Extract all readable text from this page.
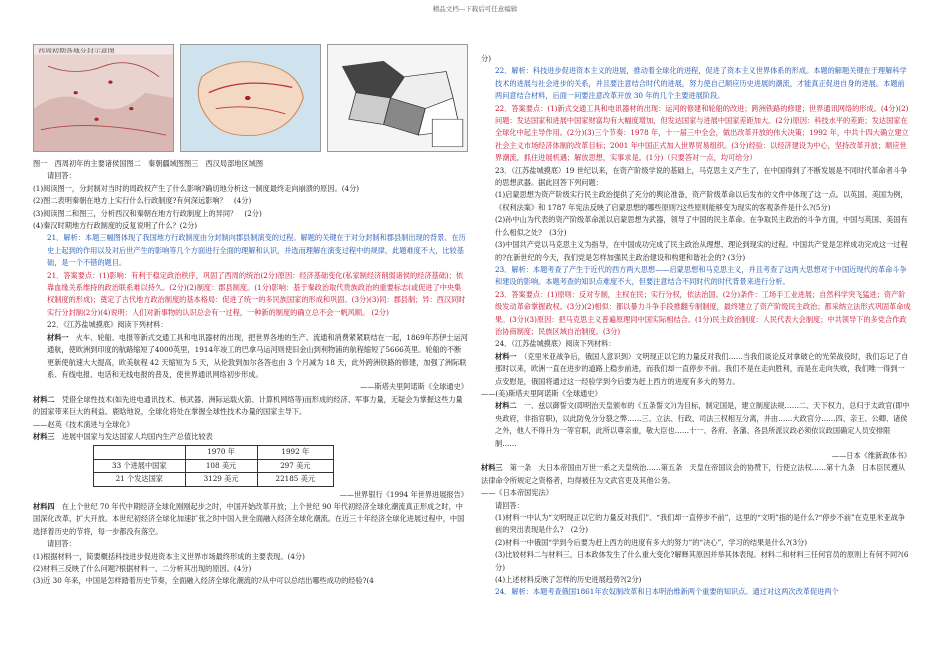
精品文档---下载后可任意编辑
西周初期各地分封示意图

图一　西周初年的主要诸侯国图二　秦朝疆域图图三　西汉局部地区域图

请回答：

(1)阅读图一，分封制对当时的周政权产生了什么影响?确切地分析这一制度最终走向崩溃的原因。(4分)

(2)图二表明秦朝在地方上实行什么行政制度?有何深远影响？　(4分)

(3)阅读图二和图三，分析西汉和秦朝在地方行政制度上的异同？　(2分)

(4)秦汉时期地方行政制度的反复说明了什么？(2分)

21．解析：本题三幅图体现了我国地方行政制度由分封制向郡县制演变的过程。解题的关键在于对分封制和郡县制出现的背景、在历史上起到的作用以及对后世产生的影响等几个方面进行全面的理解和认识，并选而理解在演变过程中的规律，此题难度不大，比较基础，是一个不错的题目。

21．答案要点：(1)影响：有利于稳定政治秩序，巩固了西周的统治(2分)原因：经济基础变化(私家制经济削弱诸侯的经济基础)；依靠血缘关系维持的政治联系难以持久。(2分)(2)制度：郡县制度。(1分)影响：基于秦政治取代贵族政治的重要标志(或促进了中央集权制度的形成)；奠定了古代地方政治制度的基本格局：促进了统一的多民族国家的形成和巩固。(3分)(3)同：郡县制；异：西汉同时实行分封制(2分)(4)说明：人们对新事物的认识总会有一过程，一种新的制度的确立总不会一帆风顺。 (2分)

22．《江苏盐城摸底》阅读下列材料：

材料一　 火车、轮船、电报等新式交通工具和电讯器材的出现，把世界各地的生产、流通和消费紧紧联结在一起，1869年苏伊士运河通航，使欧洲到印度的航路缩短了4000英里，1914年竣工的巴拿马运河则使旧金山到利物浦的航程缩短了5666英里。轮船的不断更新使航速大大提高，欧美航程 42 天缩短为 5 天，从伦敦到加尔各答也由 3 个月减为 18 天，此外跨洲铁路的修建，加强了洲际联系、有线电报、电话和无线电报的普及，使世界通讯网络初步形成。

——斯塔夫里阿诺斯《全球通史》

材料二　 凭借全球性技术(如先进电通讯技术、核武器、洲际运载火箭、计算机网络等)而形成的经济、军事力量，无疑会为掌握这些力量的国家带来巨大的利益。鹿晗地说，全球化将处在掌握全球性技术办量的国家主导下。

——赵英《技术演进与全球化》

材料三　 进展中国家与发达国家人均国内生产总值比较表

	1970 年	1992 年
33 个进展中国家	108 美元	297 美元
21 个发达国家	3129 美元	22185 美元

——世界银行《1994 年世界进展报告》

材料四　 在上个世纪 70 年代中期经济全球化刚刚起步之时，中国开始改革开放；上个世纪 90 年代初经济全球化潮流真正形成之时，中国深化改革，扩大开放。本世纪初经济全球化加速扩张之时中国入世全面融入经济全球化潮流。在近三十年经济全球化进展过程中，中国选择着历史的节将，每一步都没有落空。

请回答：

(1)根据材料一，简要概括科技进步促进资本主义世界市场最终形成的主要表现。(4分)

(2)材料三反映了什么问题?根据材料一、二分析其出现的原因。(4分)

(3)近 30 年来，中国是怎样踏着历史节奏，全面融入经济全球化潮流的?从中可以总结出哪些成功的经验?(4

分)

22．解析：科技进步促进资本主义的进展，推动着全球化的进程，促进了资本主义世界体系的形成。本题的解题关键在于理解科学技术的进展与社会进步的关系，并且要注意结合时代的进展，努力使自己顺应历史进展的潮流，才能真正促进自身的进展。本题前两问意结合材料，后面一问要注意改革开放 30 年的几个主要进展阶段。

22．答案要点：(1)新式交通工具和电讯器材的出现：运河的修建和轮船的改进；跨洲铁路的修建；世界通讯网络的形成。(4分)(2)问题：发达国家和进展中国家财富均有大幅度增加，但发达国家与进展中国家差距加大。(2分)原因：科技水平的差距；发达国家在全球化中起主导作用。(2分)(3)三个节奏：1978 年，十一届三中全会，做出改革开放的伟大决策；1992 年，中共十四大确立建立社会主义市场经济体制的改革目标；2001 年中国正式加入世界贸易组织。(3分)经验：以经济建设为中心，坚持改革开放；顺应世界潮流，抓住进展机遇；解放思想，实事求是。(1分)（只要答对一点，均可给分）

23．（江苏盐城摸底）19 世纪以来，在资产阶级学说的基础上，马克思主义产生了，在中国得到了不断发展是不同时代革命者斗争的思想武器。据此回答下列问题：

(1)启蒙思想为资产阶级实行民主政治提供了充分的舆论准备，资产阶级革命以后发布的文件中体现了这一点。以英国、美国为例，《权利法案》和 1787 年宪法反映了启蒙思想的哪些原则?这些原则能够变为现实的客观条件是什么?(5分)

(2)孙中山为代表的资产阶级革命派以启蒙思想为武器，领导了中国的民主革命。在争取民主政治的斗争方面，中国与英国、美国有什么相似之处?　(3分)

(3)中国共产党以马克思主义为指导，在中国成功完成了民主政治从理想、理论到现实的过程。中国共产党是怎样成功完成这一过程的?在新世纪的今天，我们党是怎样加强民主政治建设和构建和谐社会的? (3分)

23．解析：本题考查了产生于近代的西方两大思想——启蒙思想和马克思主义，并且考查了这两大思想对于中国近现代的革命斗争和建设的影响。本题考查的知识点难度不大，但要注意结合不同时代的时代背景来进行分析。

23．答案要点：(1)原则：反对专制，主权在民；实行分权，依法治国。(2分)条件：工场手工业进展；自然科学突飞猛进；资产阶级发动革命掌握政权。(3分)(2)相似：都以暴力斗争手段推翻专制制度，最终建立了资产阶级民主政治；都采纳立法形式巩固革命成果。(3分)(3)原因：把马克思主义普遍原理同中国实际相结合。(1分)民主政治制度：人民代表大会制度；中共领导下的多党合作政治协商制度；民族区域自治制度。(3分)

24．（江苏盐城摸底）阅读下列材料：

材料一　 （克里米亚战争后，俄国人意识到）文明现正以它的力量反对我们……当我们谈论反对拿破仑的光荣战役时，我们忘记了自那时以来，欧洲一直在进步的道路上稳步前进，而我们却一直停步不前。我们不是在走向胜利，而是在走向失败，我们唯一得到一点安慰是，俄国将通过这一经验学到今后要为赶上西方的进度有多大的努力。

——(美)斯塔夫里阿诺斯《全球通史》

材料二　 一、兹以御誓文(即明治天皇颁布的《五条誓文》)为目标，制定国是，建立制度法规……二、天下权力，总归于太政官(即中央政府，非指官职)，以此防免分分裂之弊……三、立法、行政、司法三权相互分离，并由……大政官分……四、亲王、公卿、诸侯之外，他人不得升为一等官职，此所以尊亲重，敬大臣也……十一、各府、各藩、各县所派议政必须依议政国确定人员安排限制……

——日本《维新政体书》

材料三　 第一条　大日本帝国由万世一系之天皇统治……第五条　天皇在帝国议会的协赞下，行使立法权……第十九条　日本臣民遵从法律命令所规定之资格者，均得被任为文武官吏及其他公务。

——《日本帝国宪法》

请回答：

(1)材料一中认为“文明现正以它的力量反对我们”、“我们却一直停步不前”，这里的“文明”指的是什么?“停步不前”在克里米亚战争前的突出表现是什么?　(2分)

(2)材料一中俄国“学到今后要为赶上西方的进度有多大的努力”的“决心”，学习的结果是什么?(3分)

(3)比较材料二与材料三，日本政体发生了什么重大变化?解释其原因并举其体表现。材料二和材料三任何官员的原则上有何不同?(6分)

(4)上述材料反映了怎样的历史进展趋势?(2分)

24．解析：本题考查俄国1861年农奴制改革和日本明治维新两个重要的知识点。通过对这两次改革促进两个
